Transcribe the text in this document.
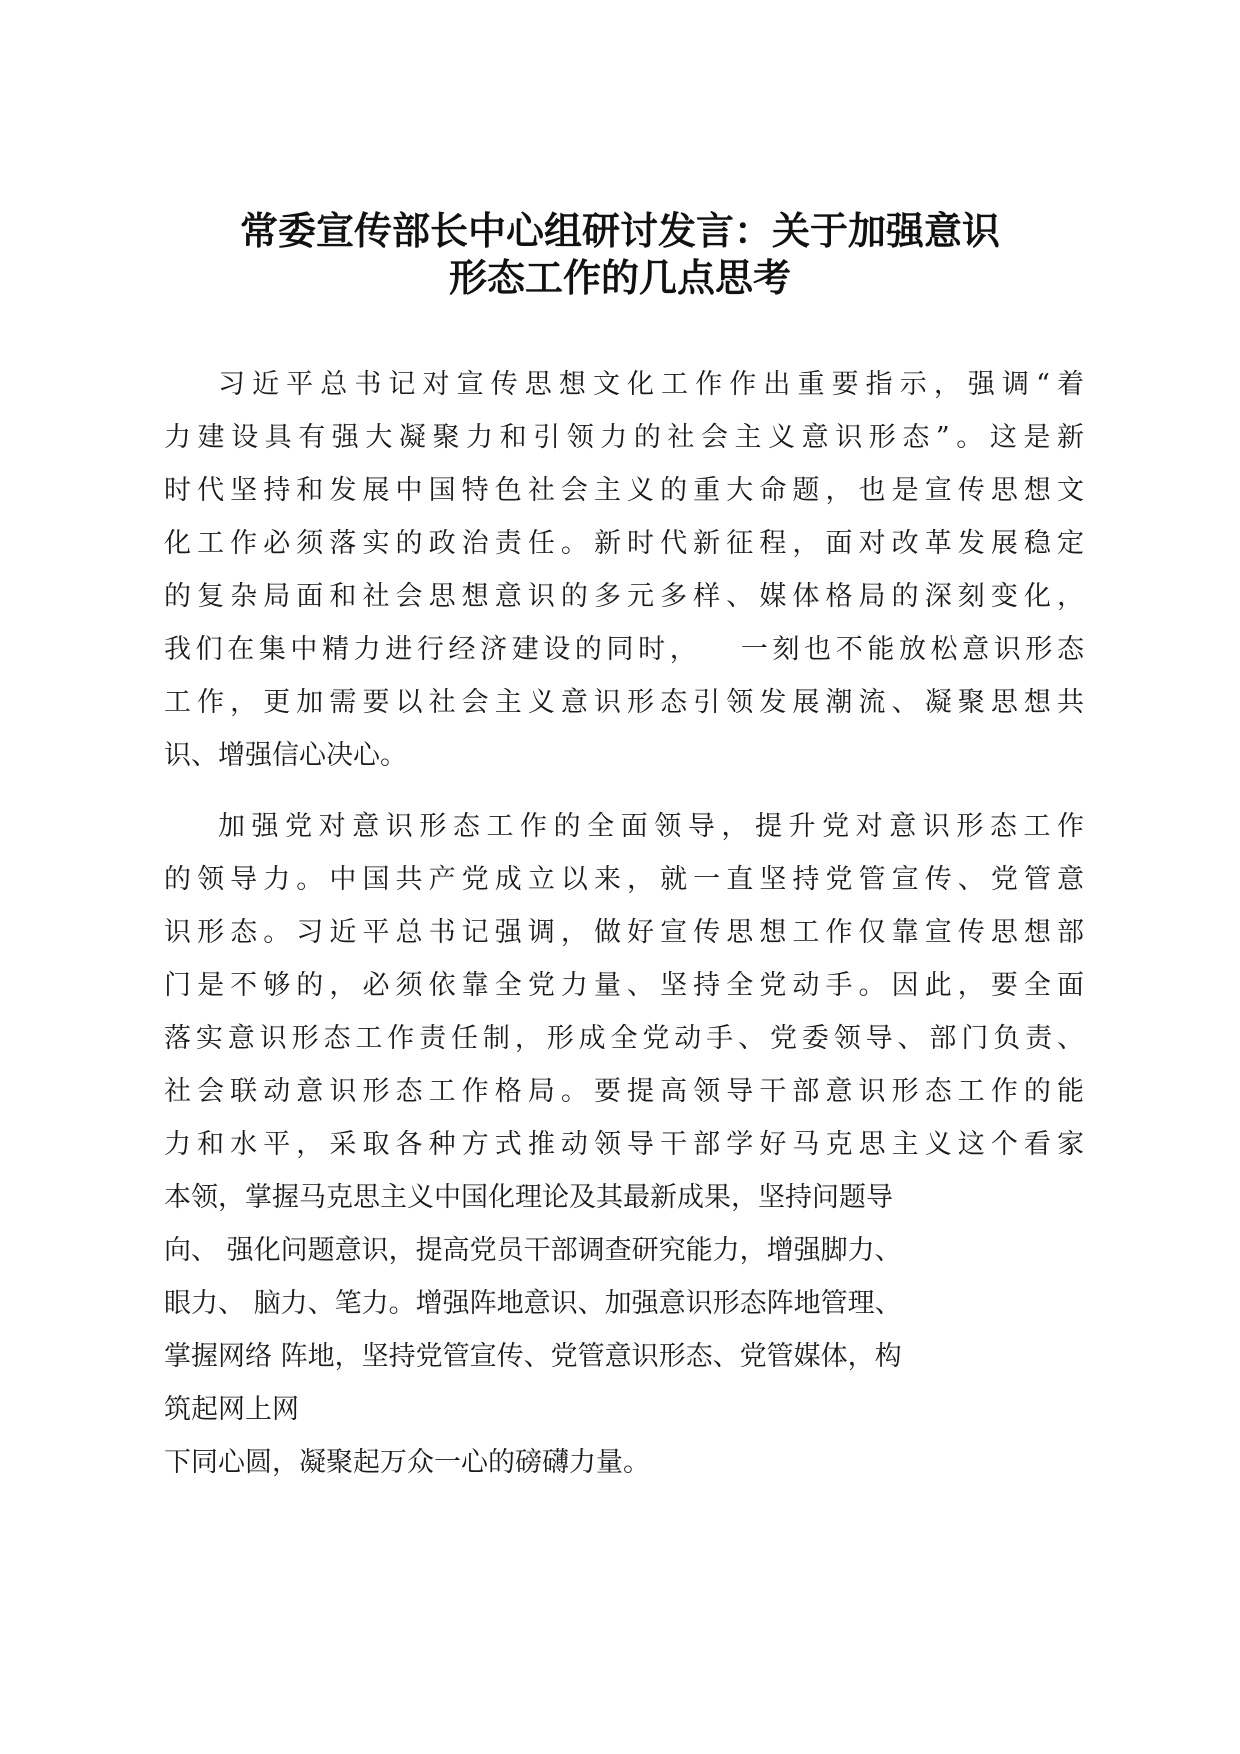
常委宣传部长中心组研讨发言：关于加强意识
形态工作的几点思考
习近平总书记对宣传思想文化工作作出重要指示，强调“着
力建设具有强大凝聚力和引领力的社会主义意识形态”。这是新
时代坚持和发展中国特色社会主义的重大命题，也是宣传思想文
化工作必须落实的政治责任。新时代新征程，面对改革发展稳定
的复杂局面和社会思想意识的多元多样、媒体格局的深刻变化，
我们在集中精力进行经济建设的同时，   一刻也不能放松意识形态
工作，更加需要以社会主义意识形态引领发展潮流、凝聚思想共
识、增强信心决心。
加强党对意识形态工作的全面领导，提升党对意识形态工作
的领导力。中国共产党成立以来，就一直坚持党管宣传、党管意
识形态。习近平总书记强调，做好宣传思想工作仅靠宣传思想部
门是不够的，必须依靠全党力量、坚持全党动手。因此，要全面
落实意识形态工作责任制，形成全党动手、党委领导、部门负责、
社会联动意识形态工作格局。要提高领导干部意识形态工作的能
力和水平，采取各种方式推动领导干部学好马克思主义这个看家
本领，掌握马克思主义中国化理论及其最新成果，坚持问题导
向、 强化问题意识，提高党员干部调查研究能力，增强脚力、
眼力、 脑力、笔力。增强阵地意识、加强意识形态阵地管理、
掌握网络 阵地，坚持党管宣传、党管意识形态、党管媒体，构
筑起网上网
下同心圆，凝聚起万众一心的磅礴力量。
